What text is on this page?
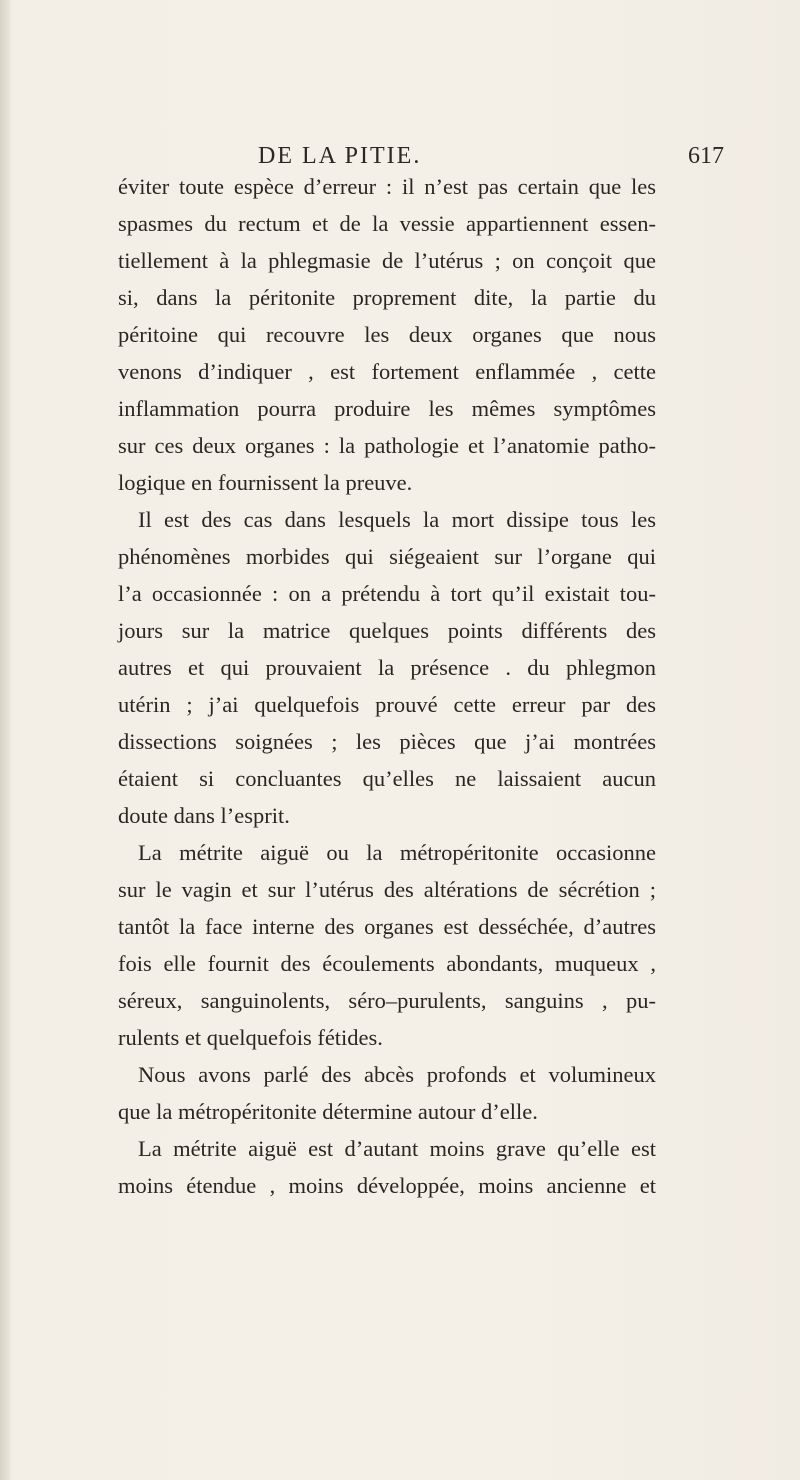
DE LA PITIE.	617
éviter toute espèce d’erreur : il n’est pas certain que les
spasmes du rectum et de la vessie appartiennent essen-
tiellement à la phlegmasie de l’utérus ; on conçoit que
si, dans la péritonite proprement dite, la partie du
péritoine qui recouvre les deux organes que nous
venons d’indiquer , est fortement enflammée , cette
inflammation pourra produire les mêmes symptômes
sur ces deux organes : la pathologie et l’anatomie patho-
logique en fournissent la preuve.
Il est des cas dans lesquels la mort dissipe tous les
phénomènes morbides qui siégeaient sur l’organe qui
l’a occasionnée : on a prétendu à tort qu’il existait tou-
jours sur la matrice quelques points différents des
autres et qui prouvaient la présence . du phlegmon
utérin ; j’ai quelquefois prouvé cette erreur par des
dissections soignées ; les pièces que j’ai montrées
étaient si concluantes qu’elles ne laissaient aucun
doute dans l’esprit.
La métrite aiguë ou la métropéritonite occasionne
sur le vagin et sur l’utérus des altérations de sécrétion ;
tantôt la face interne des organes est desséchée, d’autres
fois elle fournit des écoulements abondants, muqueux ,
séreux, sanguinolents, séro–purulents, sanguins , pu-
rulents et quelquefois fétides.
Nous avons parlé des abcès profonds et volumineux
que la métropéritonite détermine autour d’elle.
La métrite aiguë est d’autant moins grave qu’elle est
moins étendue , moins développée, moins ancienne et
